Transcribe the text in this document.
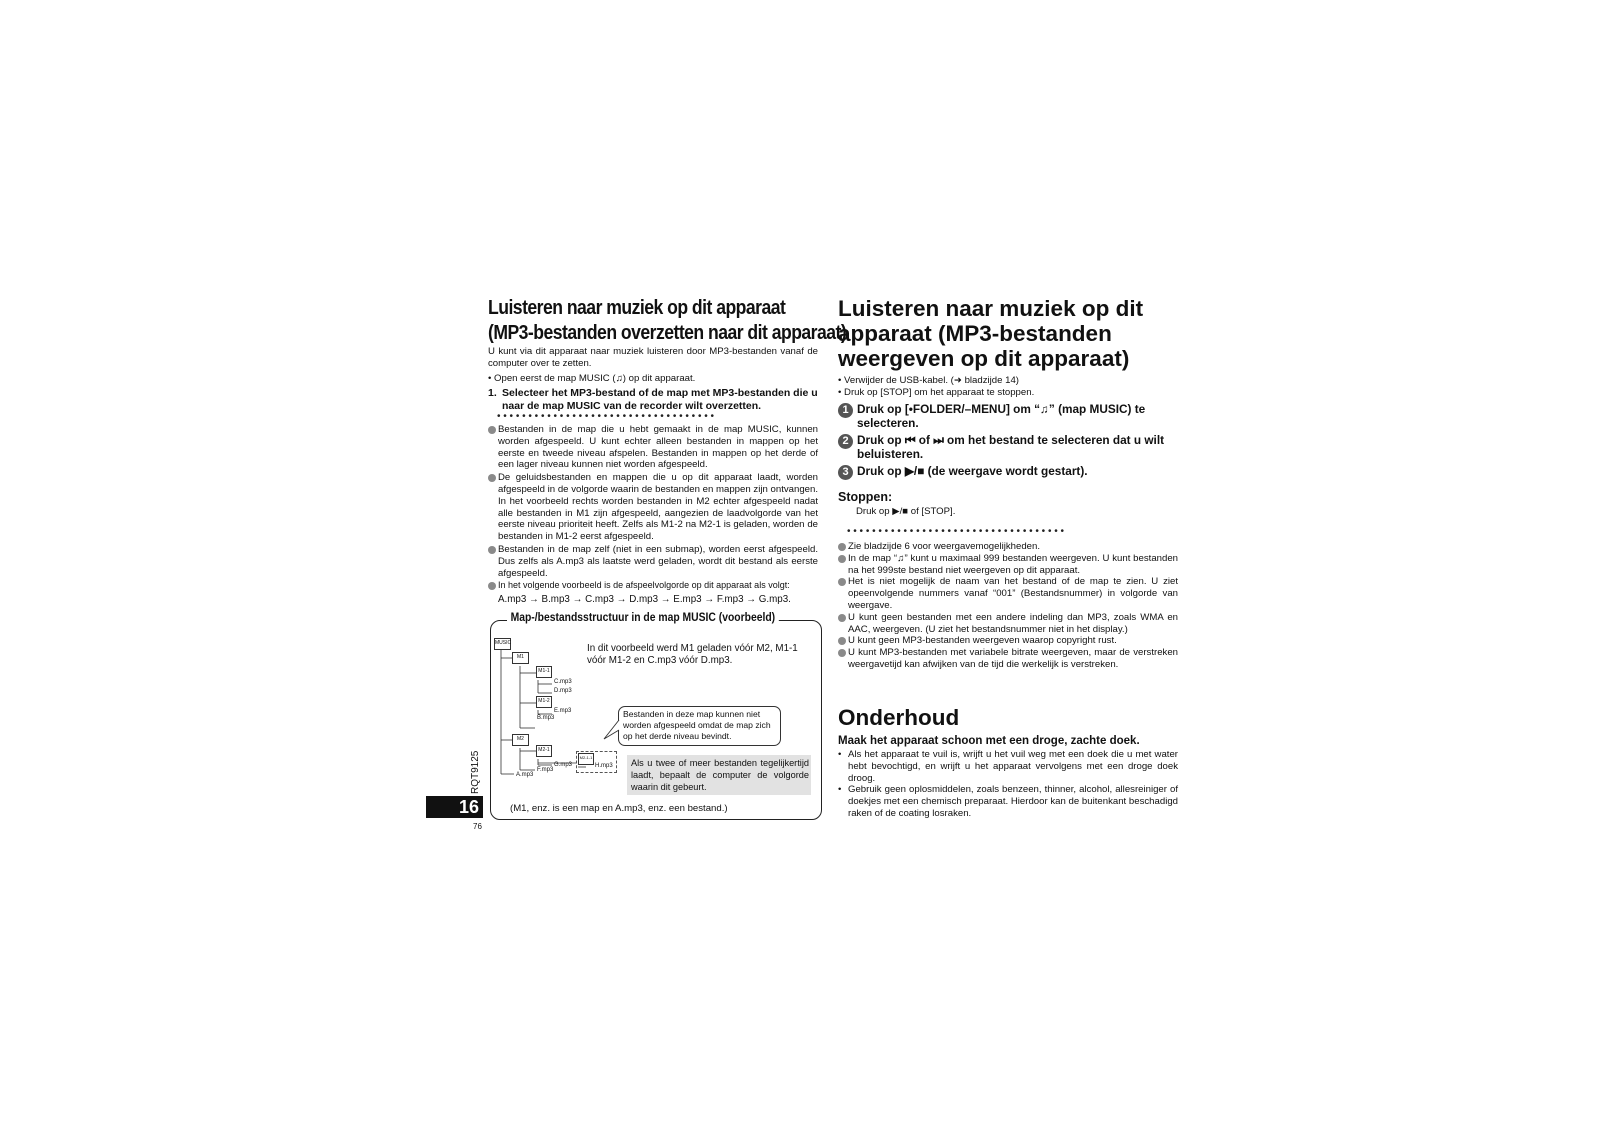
Luisteren naar muziek op dit apparaat
(MP3-bestanden overzetten naar dit apparaat)

U kunt via dit apparaat naar muziek luisteren door MP3-bestanden vanaf de computer over te zetten.

• Open eerst de map MUSIC (♫) op dit apparaat.

1. Selecteer het MP3-bestand of de map met MP3-bestanden die u naar de map MUSIC van de recorder wilt overzetten.
• • • • • • • • • • • • • • • • • • • • • • • • • • • • • • • • • • •
Bestanden in de map die u hebt gemaakt in de map MUSIC, kunnen worden afgespeeld. U kunt echter alleen bestanden in mappen op het eerste en tweede niveau afspelen. Bestanden in mappen op het derde of een lager niveau kunnen niet worden afgespeeld.
De geluidsbestanden en mappen die u op dit apparaat laadt, worden afgespeeld in de volgorde waarin de bestanden en mappen zijn ontvangen. In het voorbeeld rechts worden bestanden in M2 echter afgespeeld nadat alle bestanden in M1 zijn afgespeeld, aangezien de laadvolgorde van het eerste niveau prioriteit heeft. Zelfs als M1-2 na M2-1 is geladen, worden de bestanden in M1-2 eerst afgespeeld.
Bestanden in de map zelf (niet in een submap), worden eerst afgespeeld. Dus zelfs als A.mp3 als laatste werd geladen, wordt dit bestand als eerste afgespeeld.
In het volgende voorbeeld is de afspeelvolgorde op dit apparaat als volgt:
A.mp3 → B.mp3 → C.mp3 → D.mp3 → E.mp3 → F.mp3 → G.mp3.
Map-/bestandsstructuur in de map MUSIC (voorbeeld)
MUSIC
M1
M1-1
C.mp3
D.mp3
M1-2
E.mp3
B.mp3
M2
M2-1
M2-1-1
H.mp3
G.mp3
F.mp3
A.mp3

In dit voorbeeld werd M1 geladen vóór M2, M1-1 vóór M1-2 en C.mp3 vóór D.mp3.

Bestanden in deze map kunnen niet worden afgespeeld omdat de map zich op het derde niveau bevindt.

Als u twee of meer bestanden tegelijkertijd laadt, bepaalt de computer de volgorde waarin dit gebeurt.

(M1, enz. is een map en A.mp3, enz. een bestand.)

RQT9125
16
76
Luisteren naar muziek op dit apparaat (MP3-bestanden weergeven op dit apparaat)
• Verwijder de USB-kabel. (➜ bladzijde 14)
• Druk op [STOP] om het apparaat te stoppen.
1 Druk op [•FOLDER/–MENU] om “♫” (map MUSIC) te selecteren.
2 Druk op ⏮ of ⏭ om het bestand te selecteren dat u wilt beluisteren.
3 Druk op ▶/■ (de weergave wordt gestart).
Stoppen:
Druk op ▶/■ of [STOP].
• • • • • • • • • • • • • • • • • • • • • • • • • • • • • • • • • • •
Zie bladzijde 6 voor weergavemogelijkheden.
In de map “♫” kunt u maximaal 999 bestanden weergeven. U kunt bestanden na het 999ste bestand niet weergeven op dit apparaat.
Het is niet mogelijk de naam van het bestand of de map te zien. U ziet opeenvolgende nummers vanaf “001” (Bestandsnummer) in volgorde van weergave.
U kunt geen bestanden met een andere indeling dan MP3, zoals WMA en AAC, weergeven. (U ziet het bestandsnummer niet in het display.)
U kunt geen MP3-bestanden weergeven waarop copyright rust.
U kunt MP3-bestanden met variabele bitrate weergeven, maar de verstreken weergavetijd kan afwijken van de tijd die werkelijk is verstreken.
Onderhoud
Maak het apparaat schoon met een droge, zachte doek.
• Als het apparaat te vuil is, wrijft u het vuil weg met een doek die u met water hebt bevochtigd, en wrijft u het apparaat vervolgens met een droge doek droog.
• Gebruik geen oplosmiddelen, zoals benzeen, thinner, alcohol, allesreiniger of doekjes met een chemisch preparaat. Hierdoor kan de buitenkant beschadigd raken of de coating losraken.
